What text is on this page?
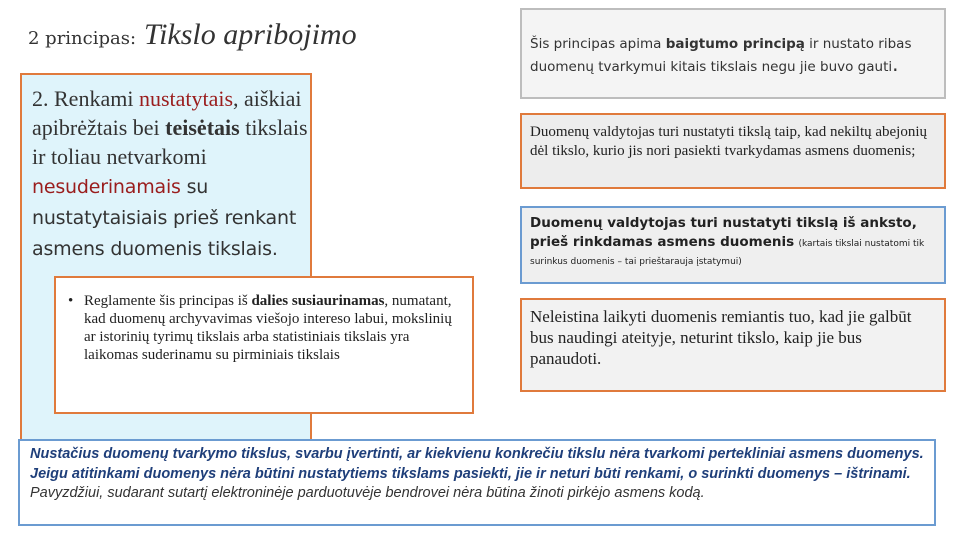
2 principas: Tikslo apribojimo
2. Renkami nustatytais, aiškiai apibrėžtais bei teisėtais tikslais ir toliau netvarkomi nesuderinamais su nustatytaisiais prieš renkant asmens duomenis tikslais.
• Reglamente šis principas iš dalies susiaurinamas, numatant, kad duomenų archyvavimas viešojo intereso labui, mokslinių ar istorinių tyrimų tikslais arba statistiniais tikslais yra laikomas suderinamu su pirminiais tikslais
Šis principas apima baigtumo principą ir nustato ribas duomenų tvarkymui kitais tikslais negu jie buvo gauti.
Duomenų valdytojas turi nustatyti tikslą taip, kad nekiltų abejonių dėl tikslo, kurio jis nori pasiekti tvarkydamas asmens duomenis;
Duomenų valdytojas turi nustatyti tikslą iš anksto, prieš rinkdamas asmens duomenis (kartais tikslai nustatomi tik
surinkus duomenis – tai prieštarauja įstatymui)
Neleistina laikyti duomenis remiantis tuo, kad jie galbūt bus naudingi ateityje, neturint tikslo, kaip jie bus panaudoti.
Nustačius duomenų tvarkymo tikslus, svarbu įvertinti, ar kiekvienu konkrečiu tikslu nėra tvarkomi pertekliniai asmens duomenys. Jeigu atitinkami duomenys nėra būtini nustatytiems tikslams pasiekti, jie ir neturi būti renkami, o surinkti duomenys – ištrinami. Pavyzdžiui, sudarant sutartį elektroninėje parduotuvėje bendrovei nėra būtina žinoti pirkėjo asmens kodą.
